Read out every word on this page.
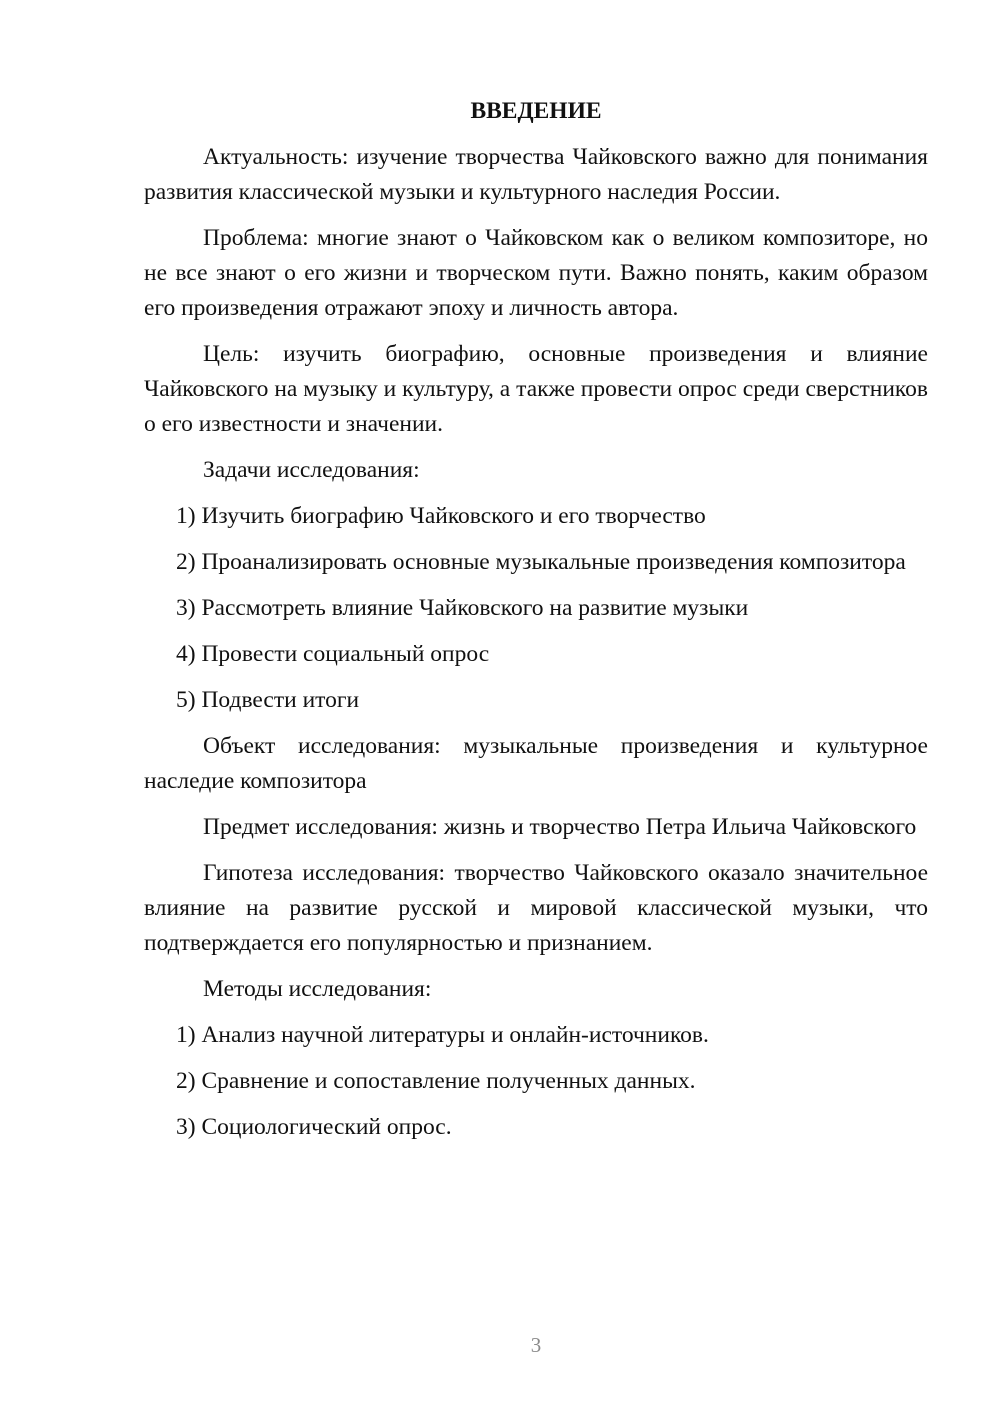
ВВЕДЕНИЕ

Актуальность: изучение творчества Чайковского важно для понимания развития классической музыки и культурного наследия России.

Проблема: многие знают о Чайковском как о великом композиторе, но не все знают о его жизни и творческом пути. Важно понять, каким образом его произведения отражают эпоху и личность автора.

Цель: изучить биографию, основные произведения и влияние Чайковского на музыку и культуру, а также провести опрос среди сверстников о его известности и значении.

Задачи исследования:

1) Изучить биографию Чайковского и его творчество

2) Проанализировать основные музыкальные произведения композитора

3) Рассмотреть влияние Чайковского на развитие музыки

4) Провести социальный опрос

5) Подвести итоги

Объект исследования: музыкальные произведения и культурное наследие композитора

Предмет исследования: жизнь и творчество Петра Ильича Чайковского

Гипотеза исследования: творчество Чайковского оказало значительное влияние на развитие русской и мировой классической музыки, что подтверждается его популярностью и признанием.

Методы исследования:

1) Анализ научной литературы и онлайн-источников.

2) Сравнение и сопоставление полученных данных.

3) Социологический опрос.

3
